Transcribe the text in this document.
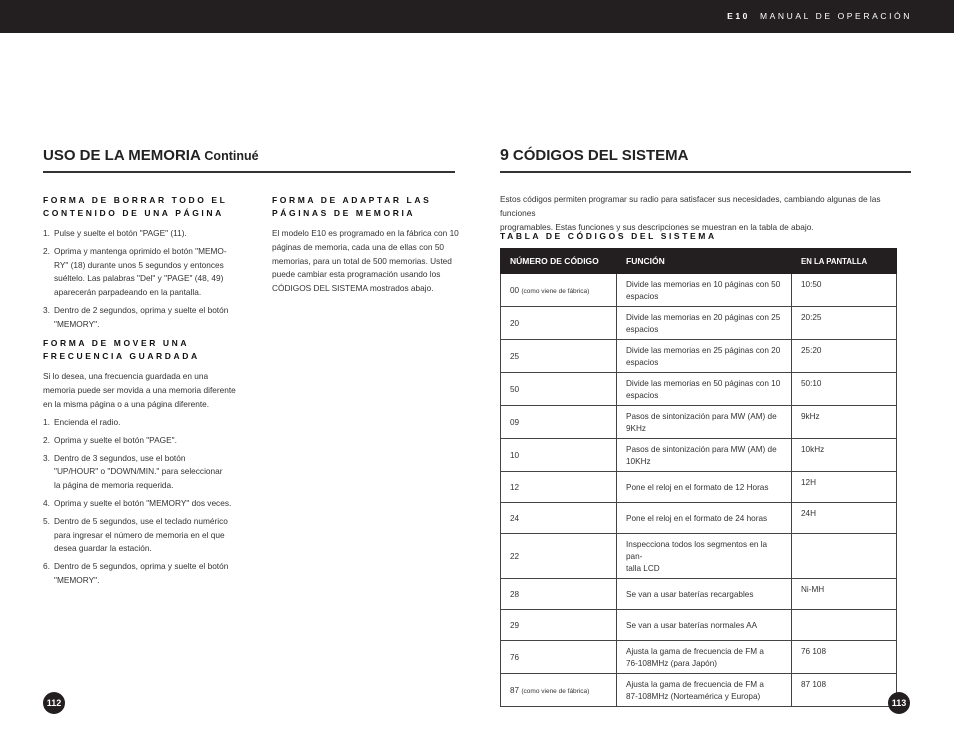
E10 MANUAL DE OPERACIÓN
USO DE LA MEMORIA Continué
FORMA DE BORRAR TODO EL
CONTENIDO DE UNA PÁGINA
1. Pulse y suelte el botón "PAGE" (11).
2. Oprima y mantenga oprimido el botón "MEMO-
RY" (18) durante unos 5 segundos y entonces
suéltelo. Las palabras "Del" y "PAGE" (48, 49)
aparecerán parpadeando en la pantalla.
3. Dentro de 2 segundos, oprima y suelte el botón
"MEMORY".
FORMA DE MOVER UNA
FRECUENCIA GUARDADA
Si lo desea, una frecuencia guardada en una
memoria puede ser movida a una memoria diferente
en la misma página o a una página diferente.
1. Encienda el radio.
2. Oprima y suelte el botón "PAGE".
3. Dentro de 3 segundos, use el botón
"UP/HOUR" o "DOWN/MIN." para seleccionar
la página de memoria requerida.
4. Oprima y suelte el botón "MEMORY" dos veces.
5. Dentro de 5 segundos, use el teclado numérico
para ingresar el número de memoria en el que
desea guardar la estación.
6. Dentro de 5 segundos, oprima y suelte el botón
"MEMORY".
FORMA DE ADAPTAR LAS
PÁGINAS DE MEMORIA
El modelo E10 es programado en la fábrica con 10
páginas de memoria, cada una de ellas con 50
memorias, para un total de 500 memorias. Usted
puede cambiar esta programación usando los
CÓDIGOS DEL SISTEMA mostrados abajo.
112
9 CÓDIGOS DEL SISTEMA
Estos códigos permiten programar su radio para satisfacer sus necesidades, cambiando algunas de las funciones
programables. Estas funciones y sus descripciones se muestran en la tabla de abajo.
TABLA DE CÓDIGOS DEL SISTEMA
NÚMERO DE CÓDIGO	FUNCIÓN	EN LA PANTALLA
00 (como viene de fábrica)	Divide las memorias en 10 páginas con 50
espacios	10:50
20	Divide las memorias en 20 páginas con 25
espacios	20:25
25	Divide las memorias en 25 páginas con 20
espacios	25:20
50	Divide las memorias en 50 páginas con 10
espacios	50:10
09	Pasos de sintonización para MW (AM) de
9KHz	9kHz
10	Pasos de sintonización para MW (AM) de
10KHz	10kHz
12	Pone el reloj en el formato de 12 Horas	12H
24	Pone el reloj en el formato de 24 horas	24H
22	Inspecciona todos los segmentos en la pan-
talla LCD	

28	Se van a usar baterías recargables	Ni-MH
29	Se van a usar baterías normales AA	

76	Ajusta la gama de frecuencia de FM a
76-108MHz (para Japón)	76 108
87 (como viene de fábrica)	Ajusta la gama de frecuencia de FM a
87-108MHz (Norteamérica y Europa)	87 108
113
